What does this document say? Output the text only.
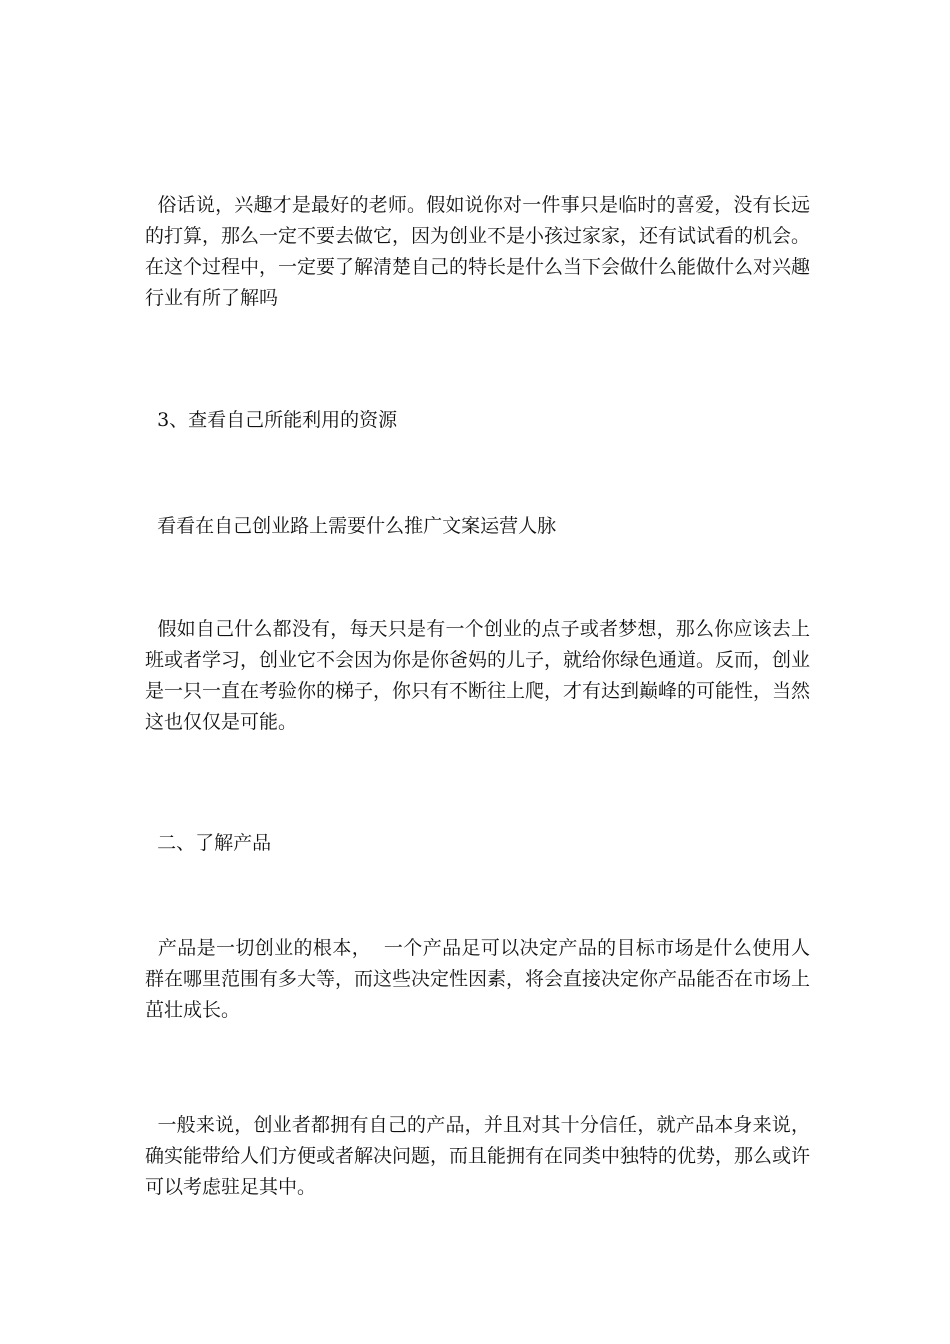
俗话说，兴趣才是最好的老师。假如说你对一件事只是临时的喜爱，没有长远的打算，那么一定不要去做它，因为创业不是小孩过家家，还有试试看的机会。在这个过程中，一定要了解清楚自己的特长是什么当下会做什么能做什么对兴趣行业有所了解吗

3、查看自己所能利用的资源

看看在自己创业路上需要什么推广文案运营人脉

假如自己什么都没有，每天只是有一个创业的点子或者梦想，那么你应该去上班或者学习，创业它不会因为你是你爸妈的儿子，就给你绿色通道。反而，创业是一只一直在考验你的梯子，你只有不断往上爬，才有达到巅峰的可能性，当然这也仅仅是可能。

二、了解产品

产品是一切创业的根本，  一个产品足可以决定产品的目标市场是什么使用人群在哪里范围有多大等，而这些决定性因素，将会直接决定你产品能否在市场上茁壮成长。

一般来说，创业者都拥有自己的产品，并且对其十分信任，就产品本身来说，确实能带给人们方便或者解决问题，而且能拥有在同类中独特的优势，那么或许可以考虑驻足其中。
